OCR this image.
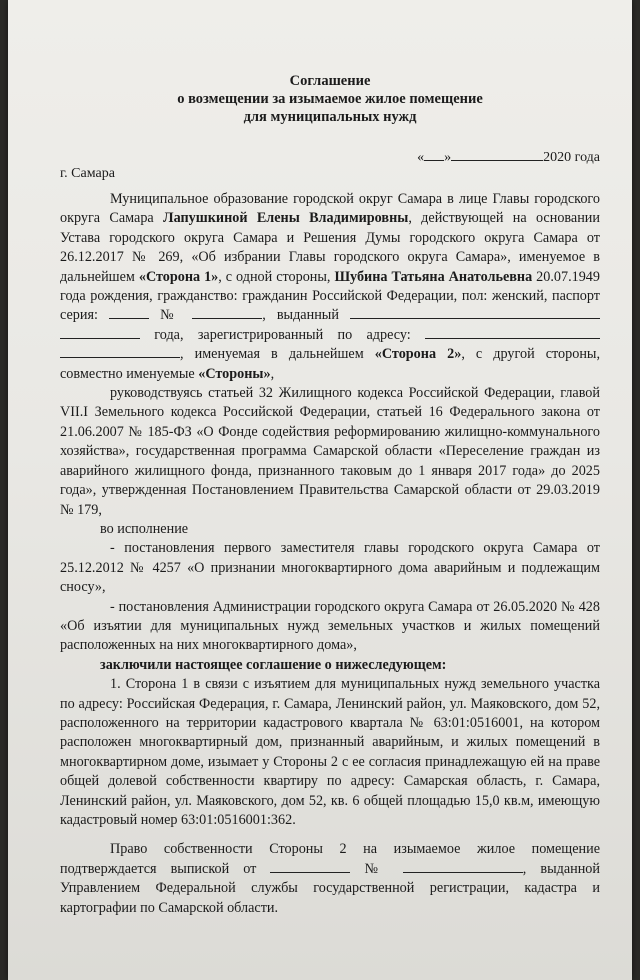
Соглашение

о возмещении за изымаемое жилое помещение

для муниципальных нужд

« »	2020 года
г. Самара

Муниципальное образование городской округ Самара в лице Главы городского округа Самара Лапушкиной Елены Владимировны, действующей на основании Устава городского округа Самара и Решения Думы городского округа Самара от 26.12.2017 № 269, «Об избрании Главы городского округа Самара», именуемое в дальнейшем «Сторона 1», с одной стороны, Шубина Татьяна Анатольевна 20.07.1949 года рождения, гражданство: гражданин Российской Федерации, пол: женский, паспорт серия:	№	, выданный   года, зарегистрированный по адресу:  , именуемая в дальнейшем «Сторона 2», с другой стороны, совместно именуемые «Стороны»,

руководствуясь статьей 32 Жилищного кодекса Российской Федерации, главой VII.I Земельного кодекса Российской Федерации, статьей 16 Федерального закона от 21.06.2007 № 185-ФЗ «О Фонде содействия реформированию жилищно-коммунального хозяйства», государственная программа Самарской области «Переселение граждан из аварийного жилищного фонда, признанного таковым до 1 января 2017 года» до 2025 года», утвержденная Постановлением Правительства Самарской области от 29.03.2019 № 179,

во исполнение

- постановления первого заместителя главы городского округа Самара от 25.12.2012 № 4257 «О признании многоквартирного дома аварийным и подлежащим сносу»,

- постановления Администрации городского округа Самара от 26.05.2020 № 428 «Об изъятии для муниципальных нужд земельных участков и жилых помещений расположенных на них многоквартирного дома»,

заключили настоящее соглашение о нижеследующем:

1. Сторона 1 в связи с изъятием для муниципальных нужд земельного участка по адресу: Российская Федерация, г. Самара, Ленинский район, ул. Маяковского, дом 52, расположенного на территории кадастрового квартала № 63:01:0516001, на котором расположен многоквартирный дом, признанный аварийным, и жилых помещений в многоквартирном доме, изымает у Стороны 2 с ее согласия принадлежащую ей на праве общей долевой собственности квартиру по адресу: Самарская область, г. Самара, Ленинский район, ул. Маяковского, дом 52, кв. 6 общей площадью 15,0 кв.м, имеющую кадастровый номер 63:01:0516001:362.

Право собственности Стороны 2 на изымаемое жилое помещение подтверждается выпиской от	№	, выданной Управлением Федеральной службы государственной регистрации, кадастра и картографии по Самарской области.
